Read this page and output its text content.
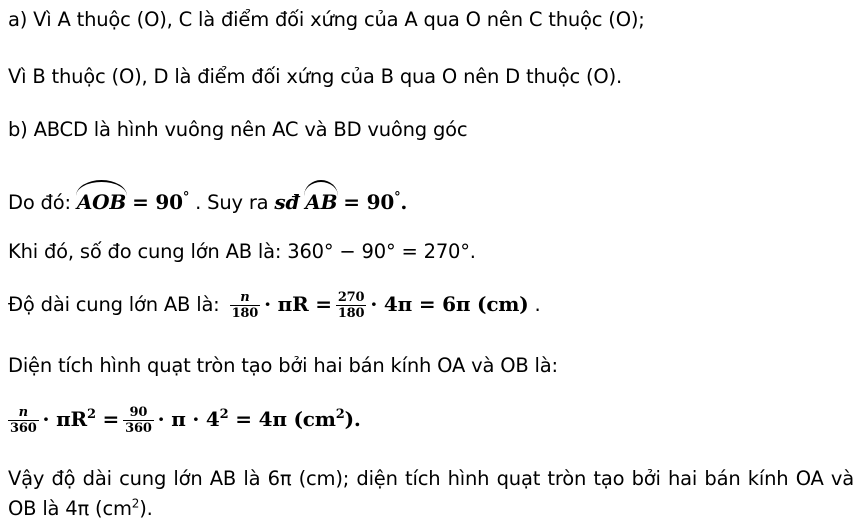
a) Vì A thuộc (O), C là điểm đối xứng của A qua O nên C thuộc (O);
Vì B thuộc (O), D là điểm đối xứng của B qua O nên D thuộc (O).
b) ABCD là hình vuông nên AC và BD vuông góc
Do đó: AOB = 90° . Suy ra sđ AB = 90°.
Khi đó, số đo cung lớn AB là: 360° − 90° = 270°.
Độ dài cung lớn AB là: $\frac{n}{180} \cdot \pi R = \frac{270}{180} \cdot 4\pi = 6\pi$ (cm) .
Diện tích hình quạt tròn tạo bởi hai bán kính OA và OB là:
$\frac{n}{360} \cdot \pi R^2 = \frac{90}{360} \cdot \pi \cdot 4^2 = 4\pi$ $(cm^2)$.
Vậy độ dài cung lớn AB là 6π (cm); diện tích hình quạt tròn tạo bởi hai bán kính OA và OB là 4π $(cm^2)$.
